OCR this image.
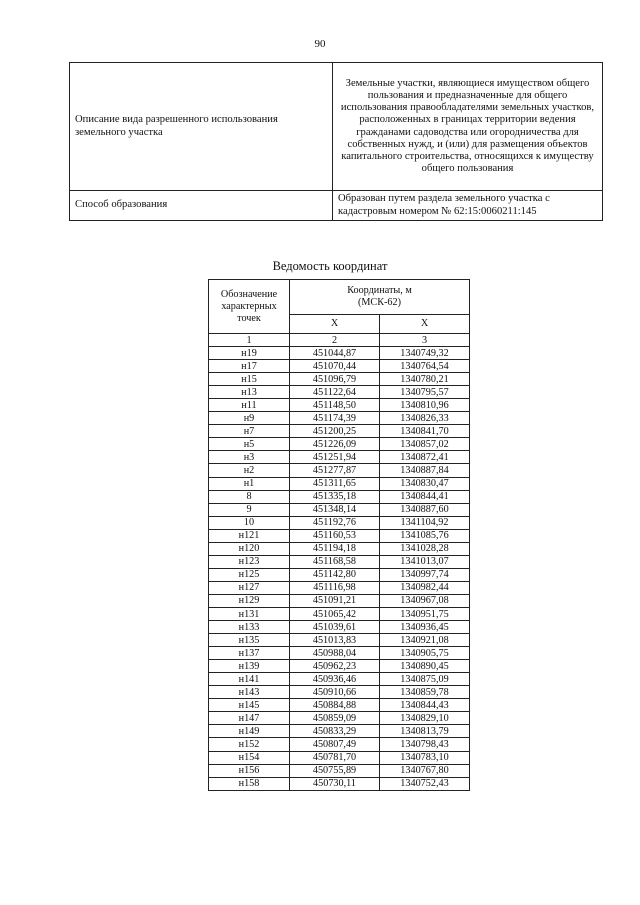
90
Описание вида разрешенного использования земельного участка	Земельные участки, являющиеся имуществом общего пользования и предназначенные для общего использования правообладателями земельных участков, расположенных в границах территории ведения гражданами садоводства или огородничества для собственных нужд, и (или) для размещения объектов капитального строительства, относящихся к имуществу общего пользования
Способ образования	Образован путем раздела земельного участка с кадастровым номером № 62:15:0060211:145
Ведомость координат
Обозначение характерных точек	Координаты, м
(МСК-62)	
	X	X
1	2	3
н19	451044,87	1340749,32
н17	451070,44	1340764,54
н15	451096,79	1340780,21
н13	451122,64	1340795,57
н11	451148,50	1340810,96
н9	451174,39	1340826,33
н7	451200,25	1340841,70
н5	451226,09	1340857,02
н3	451251,94	1340872,41
н2	451277,87	1340887,84
н1	451311,65	1340830,47
8	451335,18	1340844,41
9	451348,14	1340887,60
10	451192,76	1341104,92
н121	451160,53	1341085,76
н120	451194,18	1341028,28
н123	451168,58	1341013,07
н125	451142,80	1340997,74
н127	451116,98	1340982,44
н129	451091,21	1340967,08
н131	451065,42	1340951,75
н133	451039,61	1340936,45
н135	451013,83	1340921,08
н137	450988,04	1340905,75
н139	450962,23	1340890,45
н141	450936,46	1340875,09
н143	450910,66	1340859,78
н145	450884,88	1340844,43
н147	450859,09	1340829,10
н149	450833,29	1340813,79
н152	450807,49	1340798,43
н154	450781,70	1340783,10
н156	450755,89	1340767,80
н158	450730,11	1340752,43
